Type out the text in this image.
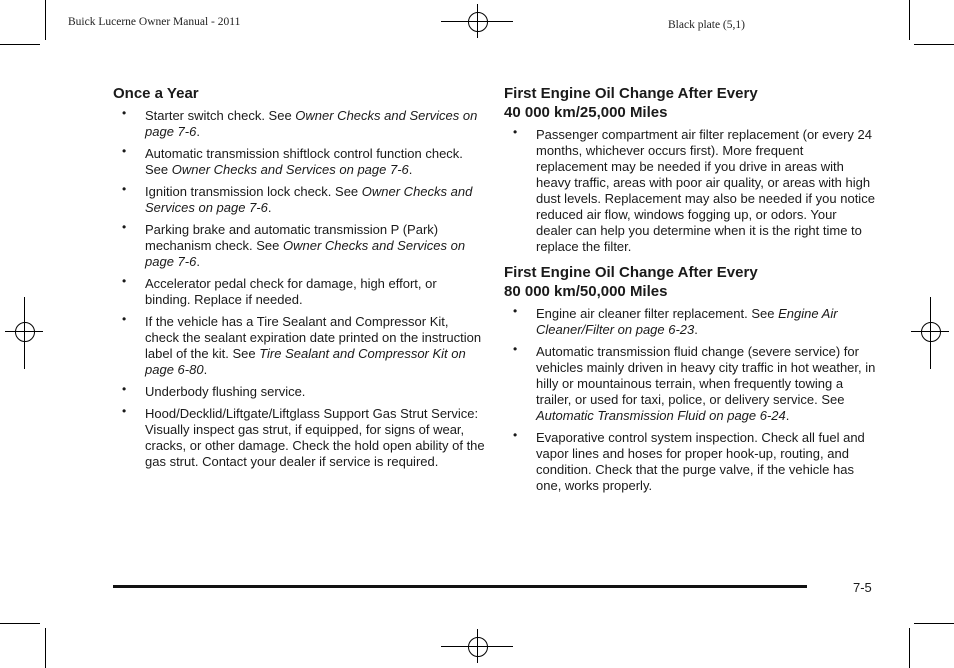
Buick Lucerne Owner Manual - 2011	Black plate (5,1)
Once a Year
• Starter switch check. See Owner Checks and Services on page 7-6.
• Automatic transmission shiftlock control function check. See Owner Checks and Services on page 7-6.
• Ignition transmission lock check. See Owner Checks and Services on page 7-6.
• Parking brake and automatic transmission P (Park) mechanism check. See Owner Checks and Services on page 7-6.
• Accelerator pedal check for damage, high effort, or binding. Replace if needed.
• If the vehicle has a Tire Sealant and Compressor Kit, check the sealant expiration date printed on the instruction label of the kit. See Tire Sealant and Compressor Kit on page 6-80.
• Underbody flushing service.
• Hood/Decklid/Liftgate/Liftglass Support Gas Strut Service: Visually inspect gas strut, if equipped, for signs of wear, cracks, or other damage. Check the hold open ability of the gas strut. Contact your dealer if service is required.
First Engine Oil Change After Every
40 000 km/25,000 Miles
• Passenger compartment air filter replacement (or every 24 months, whichever occurs first). More frequent replacement may be needed if you drive in areas with heavy traffic, areas with poor air quality, or areas with high dust levels. Replacement may also be needed if you notice reduced air flow, windows fogging up, or odors. Your dealer can help you determine when it is the right time to replace the filter.
First Engine Oil Change After Every
80 000 km/50,000 Miles
• Engine air cleaner filter replacement. See Engine Air Cleaner/Filter on page 6-23.
• Automatic transmission fluid change (severe service) for vehicles mainly driven in heavy city traffic in hot weather, in hilly or mountainous terrain, when frequently towing a trailer, or used for taxi, police, or delivery service. See Automatic Transmission Fluid on page 6-24.
• Evaporative control system inspection. Check all fuel and vapor lines and hoses for proper hook-up, routing, and condition. Check that the purge valve, if the vehicle has one, works properly.
7-5
